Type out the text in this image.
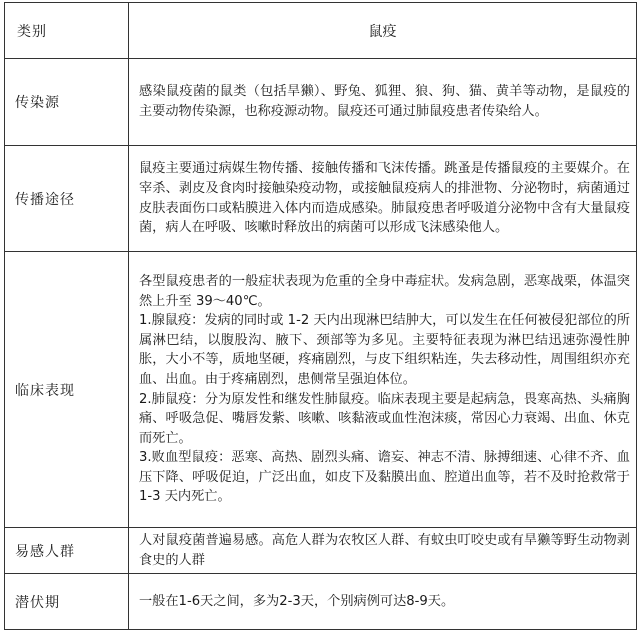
类别	鼠疫
传染源	感染鼠疫菌的鼠类（包括旱獭）、野兔、狐狸、狼、狗、猫、黄羊等动物，是鼠疫的主要动物传染源，也称疫源动物。鼠疫还可通过肺鼠疫患者传染给人。

传播途径	鼠疫主要通过病媒生物传播、接触传播和飞沫传播。跳蚤是传播鼠疫的主要媒介。在宰杀、剥皮及食肉时接触染疫动物，或接触鼠疫病人的排泄物、分泌物时，病菌通过皮肤表面伤口或粘膜进入体内而造成感染。肺鼠疫患者呼吸道分泌物中含有大量鼠疫菌，病人在呼吸、咳嗽时释放出的病菌可以形成飞沫感染他人。

临床表现	各型鼠疫患者的一般症状表现为危重的全身中毒症状。发病急剧，恶寒战栗，体温突然上升至 39～40℃。

1.腺鼠疫：发病的同时或 1-2 天内出现淋巴结肿大，可以发生在任何被侵犯部位的所属淋巴结，以腹股沟、腋下、颈部等为多见。主要特征表现为淋巴结迅速弥漫性肿胀，大小不等，质地坚硬，疼痛剧烈，与皮下组织粘连，失去移动性，周围组织亦充血、出血。由于疼痛剧烈，患侧常呈强迫体位。

2.肺鼠疫：分为原发性和继发性肺鼠疫。临床表现主要是起病急，畏寒高热、头痛胸痛、呼吸急促、嘴唇发紫、咳嗽、咳黏液或血性泡沫痰，常因心力衰竭、出血、休克而死亡。

3.败血型鼠疫：恶寒、高热、剧烈头痛、谵妄、神志不清、脉搏细速、心律不齐、血压下降、呼吸促迫，广泛出血，如皮下及黏膜出血、腔道出血等，若不及时抢救常于 1-3 天内死亡。

易感人群	人对鼠疫菌普遍易感。高危人群为农牧区人群、有蚊虫叮咬史或有旱獭等野生动物剥食史的人群

潜伏期	一般在1-6天之间，多为2-3天，个别病例可达8-9天。
